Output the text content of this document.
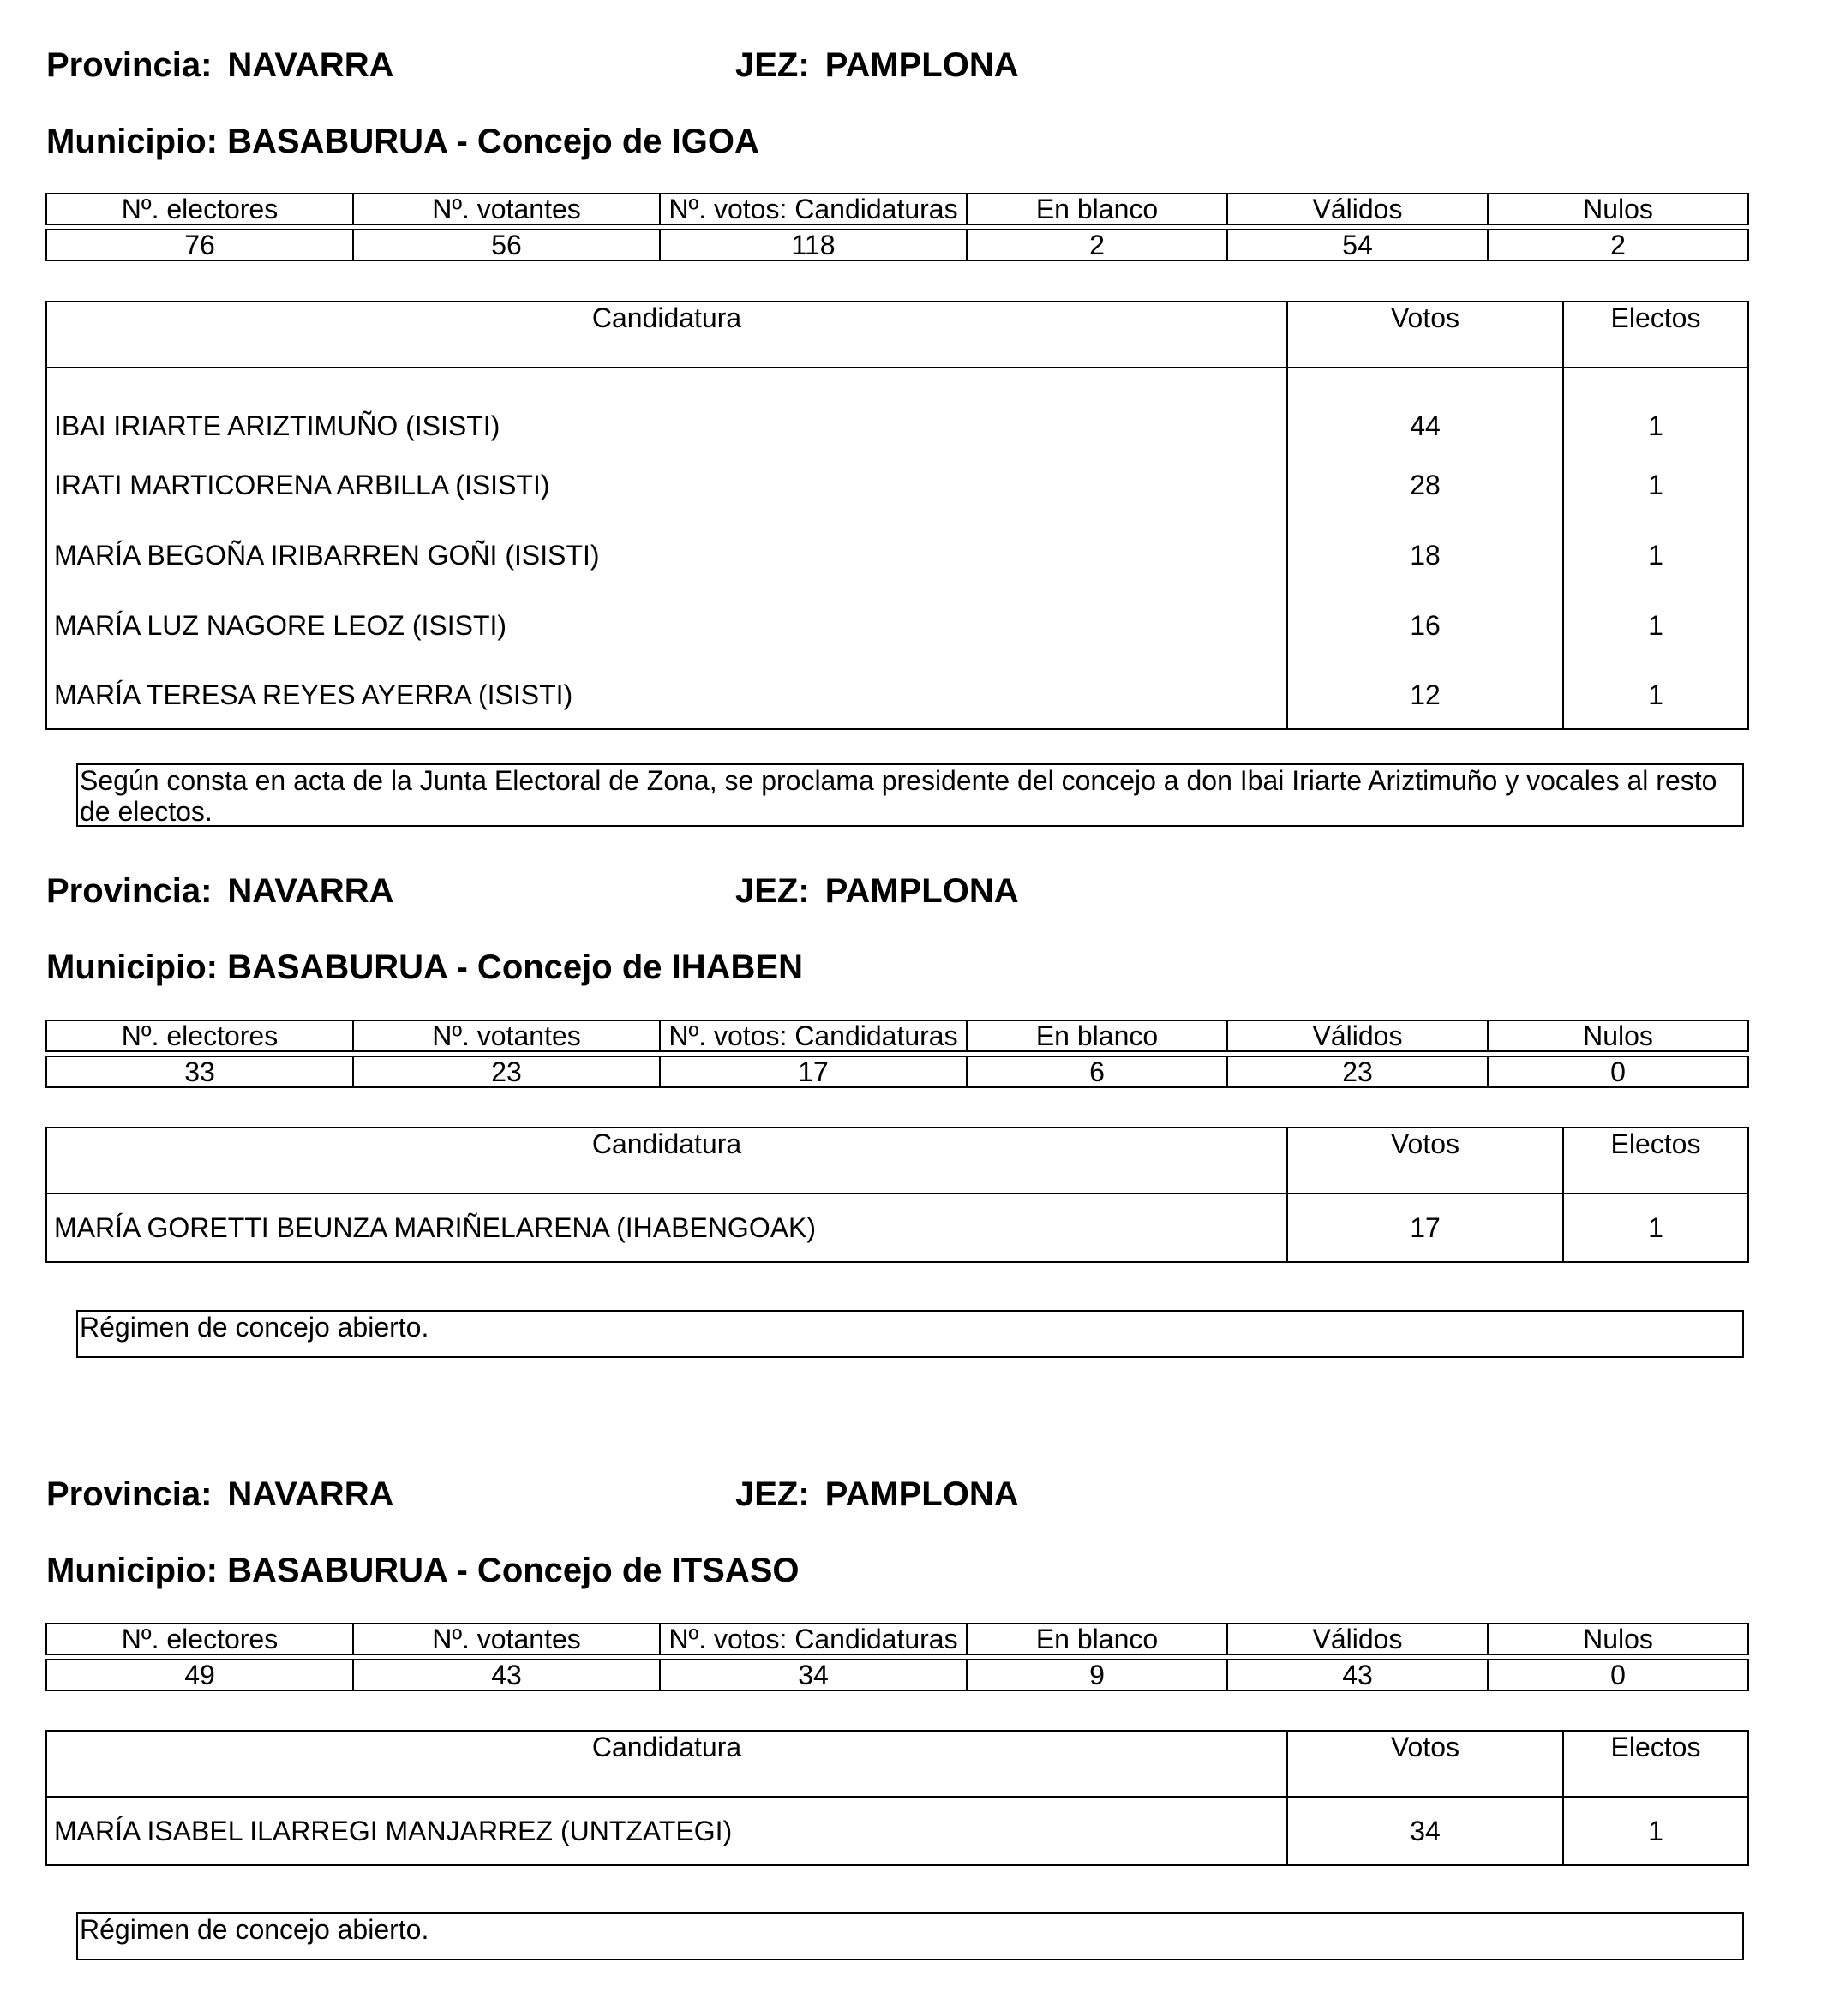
Provincia: NAVARRA	JEZ: PAMPLONA
Municipio: BASABURUA - Concejo de IGOA
Nº. electores	Nº. votantes	Nº. votos: Candidaturas	En blanco	Válidos	Nulos

76	56	118	2	54	2
Candidatura	Votos	Electos
IBAI IRIARTE ARIZTIMUÑO (ISISTI)	44	1
IRATI MARTICORENA ARBILLA (ISISTI)	28	1
MARÍA BEGOÑA IRIBARREN GOÑI (ISISTI)	18	1
MARÍA LUZ NAGORE LEOZ (ISISTI)	16	1
MARÍA TERESA REYES AYERRA (ISISTI)	12	1
Según consta en acta de la Junta Electoral de Zona, se proclama presidente del concejo a don Ibai Iriarte Ariztimuño y vocales al resto de electos.
Provincia: NAVARRA	JEZ: PAMPLONA
Municipio: BASABURUA - Concejo de IHABEN
Nº. electores	Nº. votantes	Nº. votos: Candidaturas	En blanco	Válidos	Nulos

33	23	17	6	23	0
Candidatura	Votos	Electos
MARÍA GORETTI BEUNZA MARIÑELARENA (IHABENGOAK)	17	1
Régimen de concejo abierto.
Provincia: NAVARRA	JEZ: PAMPLONA
Municipio: BASABURUA - Concejo de ITSASO
Nº. electores	Nº. votantes	Nº. votos: Candidaturas	En blanco	Válidos	Nulos

49	43	34	9	43	0
Candidatura	Votos	Electos
MARÍA ISABEL ILARREGI MANJARREZ (UNTZATEGI)	34	1
Régimen de concejo abierto.
